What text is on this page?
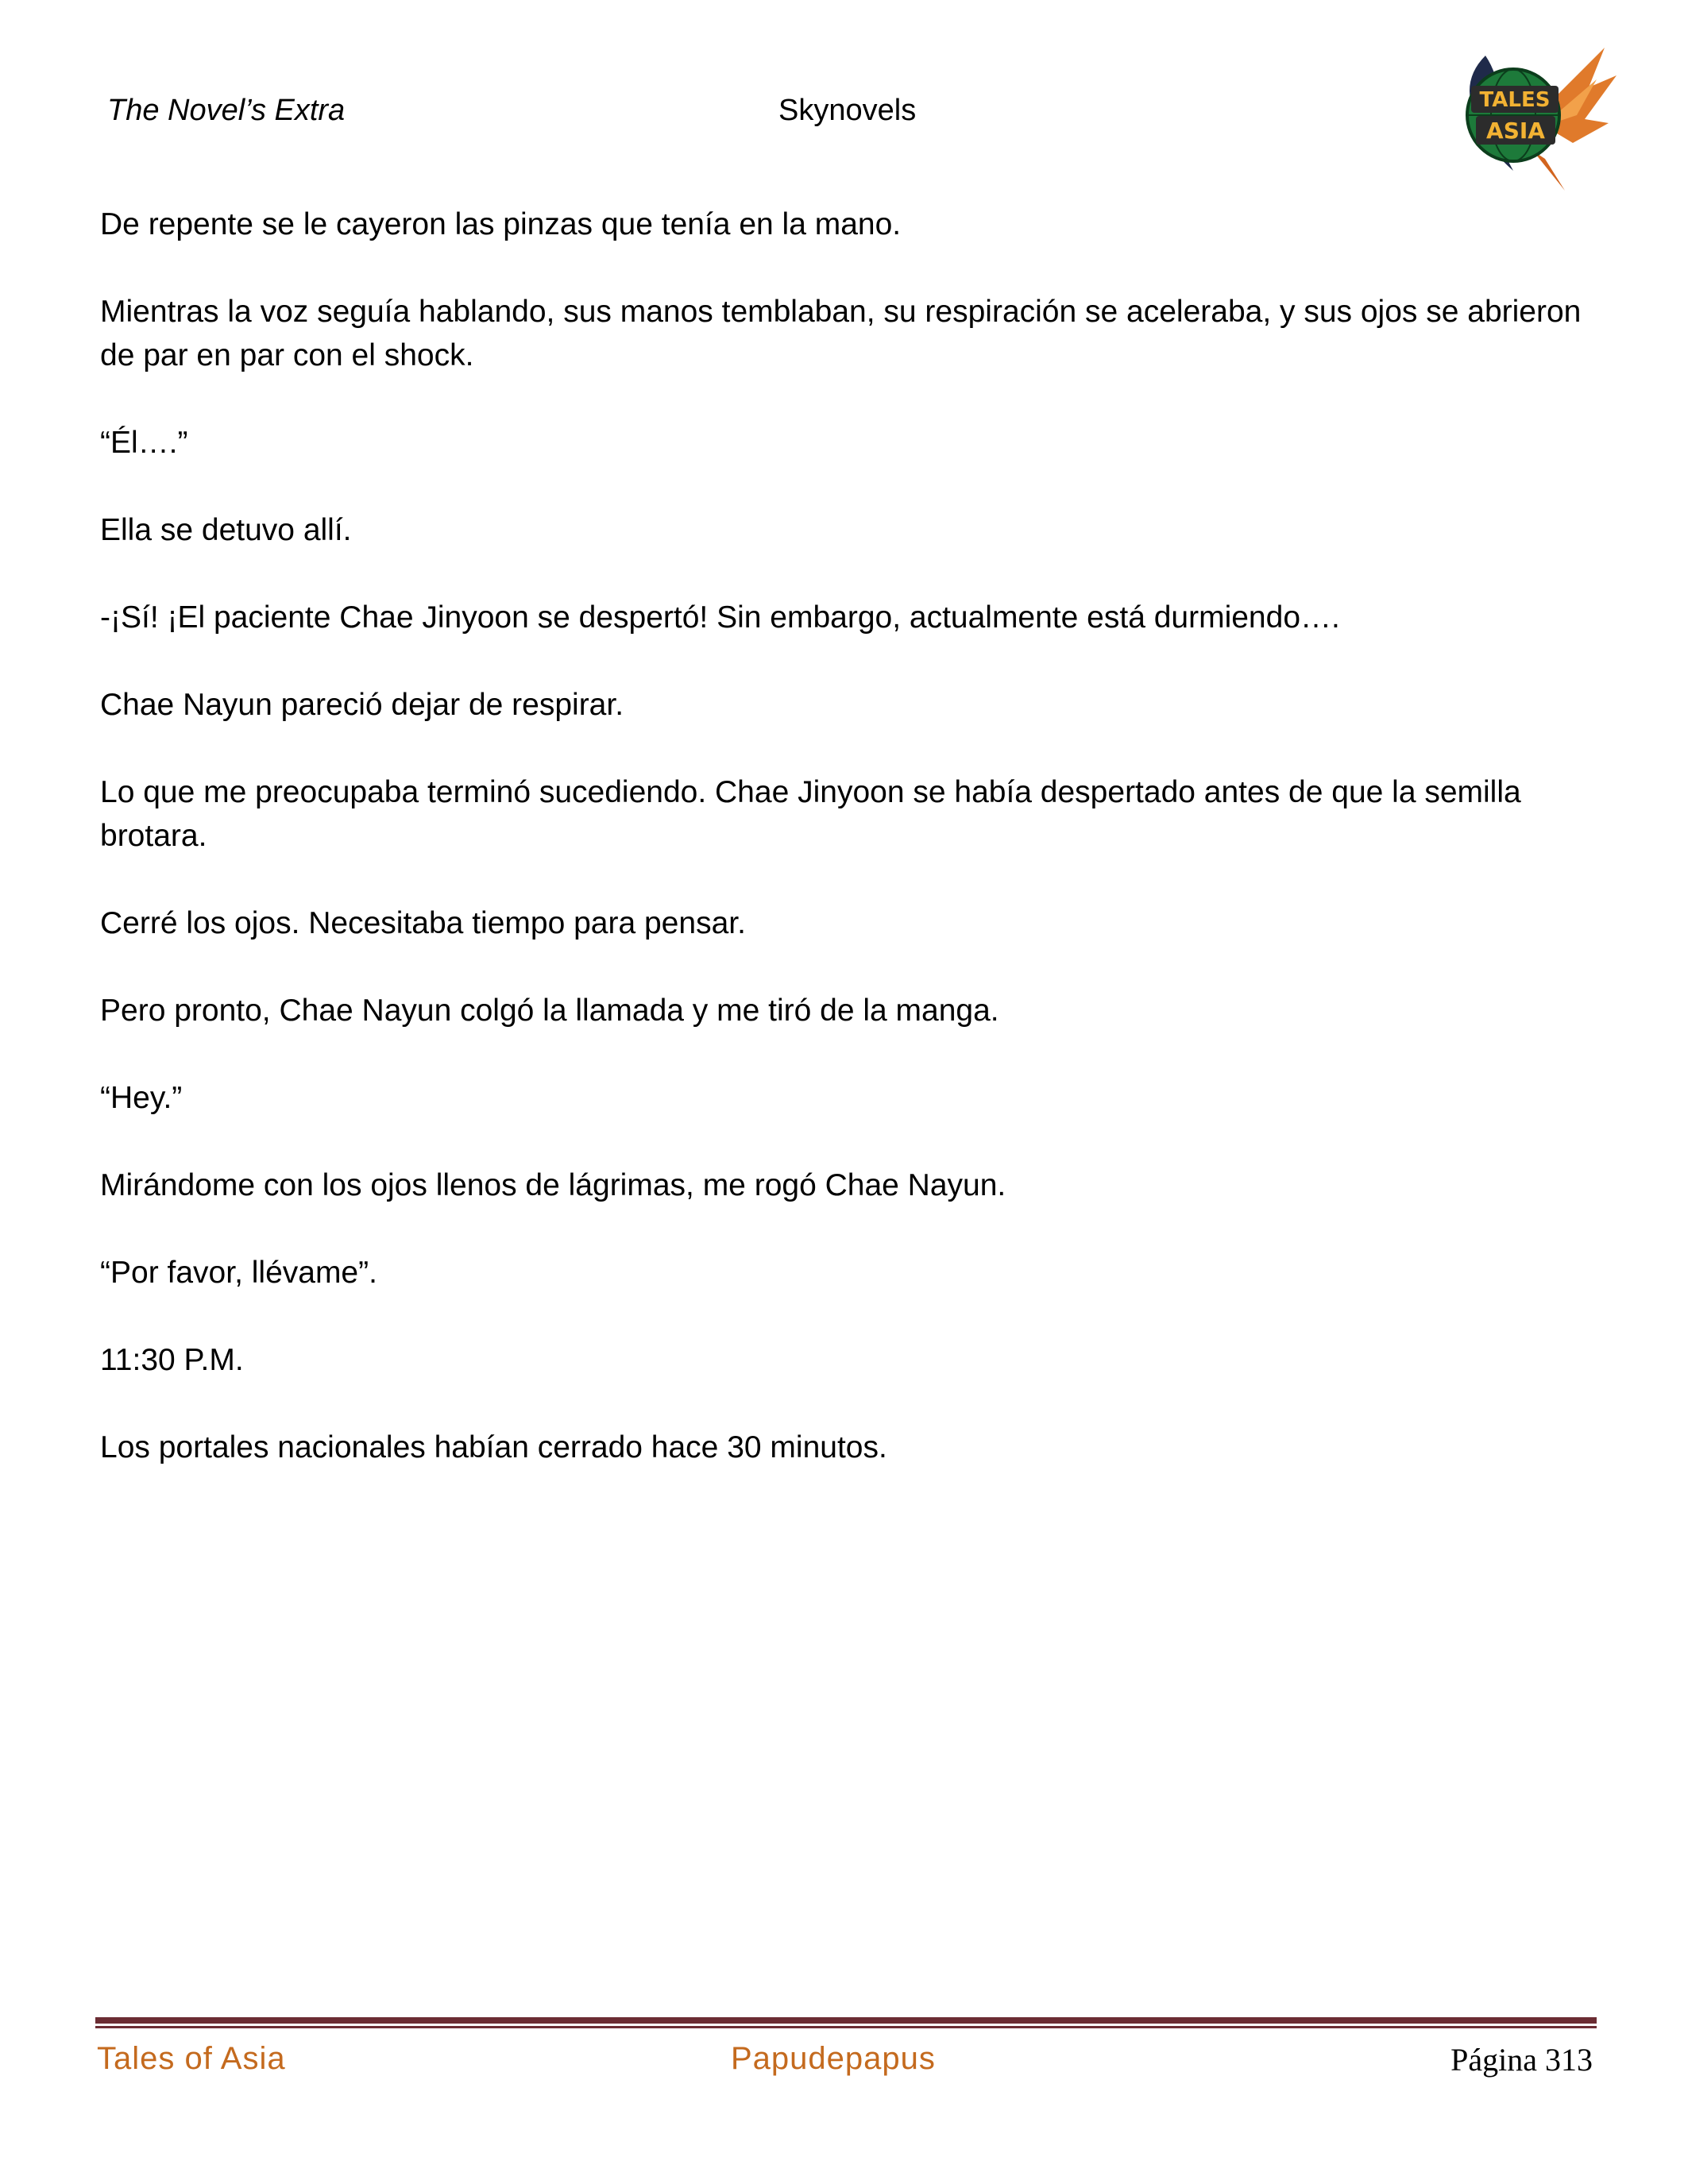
The Novel’s Extra	Skynovels	TALES
ASIA

De repente se le cayeron las pinzas que tenía en la mano.

Mientras la voz seguía hablando, sus manos temblaban, su respiración se aceleraba, y sus ojos se abrieron de par en par con el shock.

“Él….”

Ella se detuvo allí.

-¡Sí! ¡El paciente Chae Jinyoon se despertó! Sin embargo, actualmente está durmiendo….

Chae Nayun pareció dejar de respirar.

Lo que me preocupaba terminó sucediendo. Chae Jinyoon se había despertado antes de que la semilla brotara.

Cerré los ojos. Necesitaba tiempo para pensar.

Pero pronto, Chae Nayun colgó la llamada y me tiró de la manga.

“Hey.”

Mirándome con los ojos llenos de lágrimas, me rogó Chae Nayun.

“Por favor, llévame”.

11:30 P.M.

Los portales nacionales habían cerrado hace 30 minutos.

Tales of Asia	Papudepapus	Página 313
